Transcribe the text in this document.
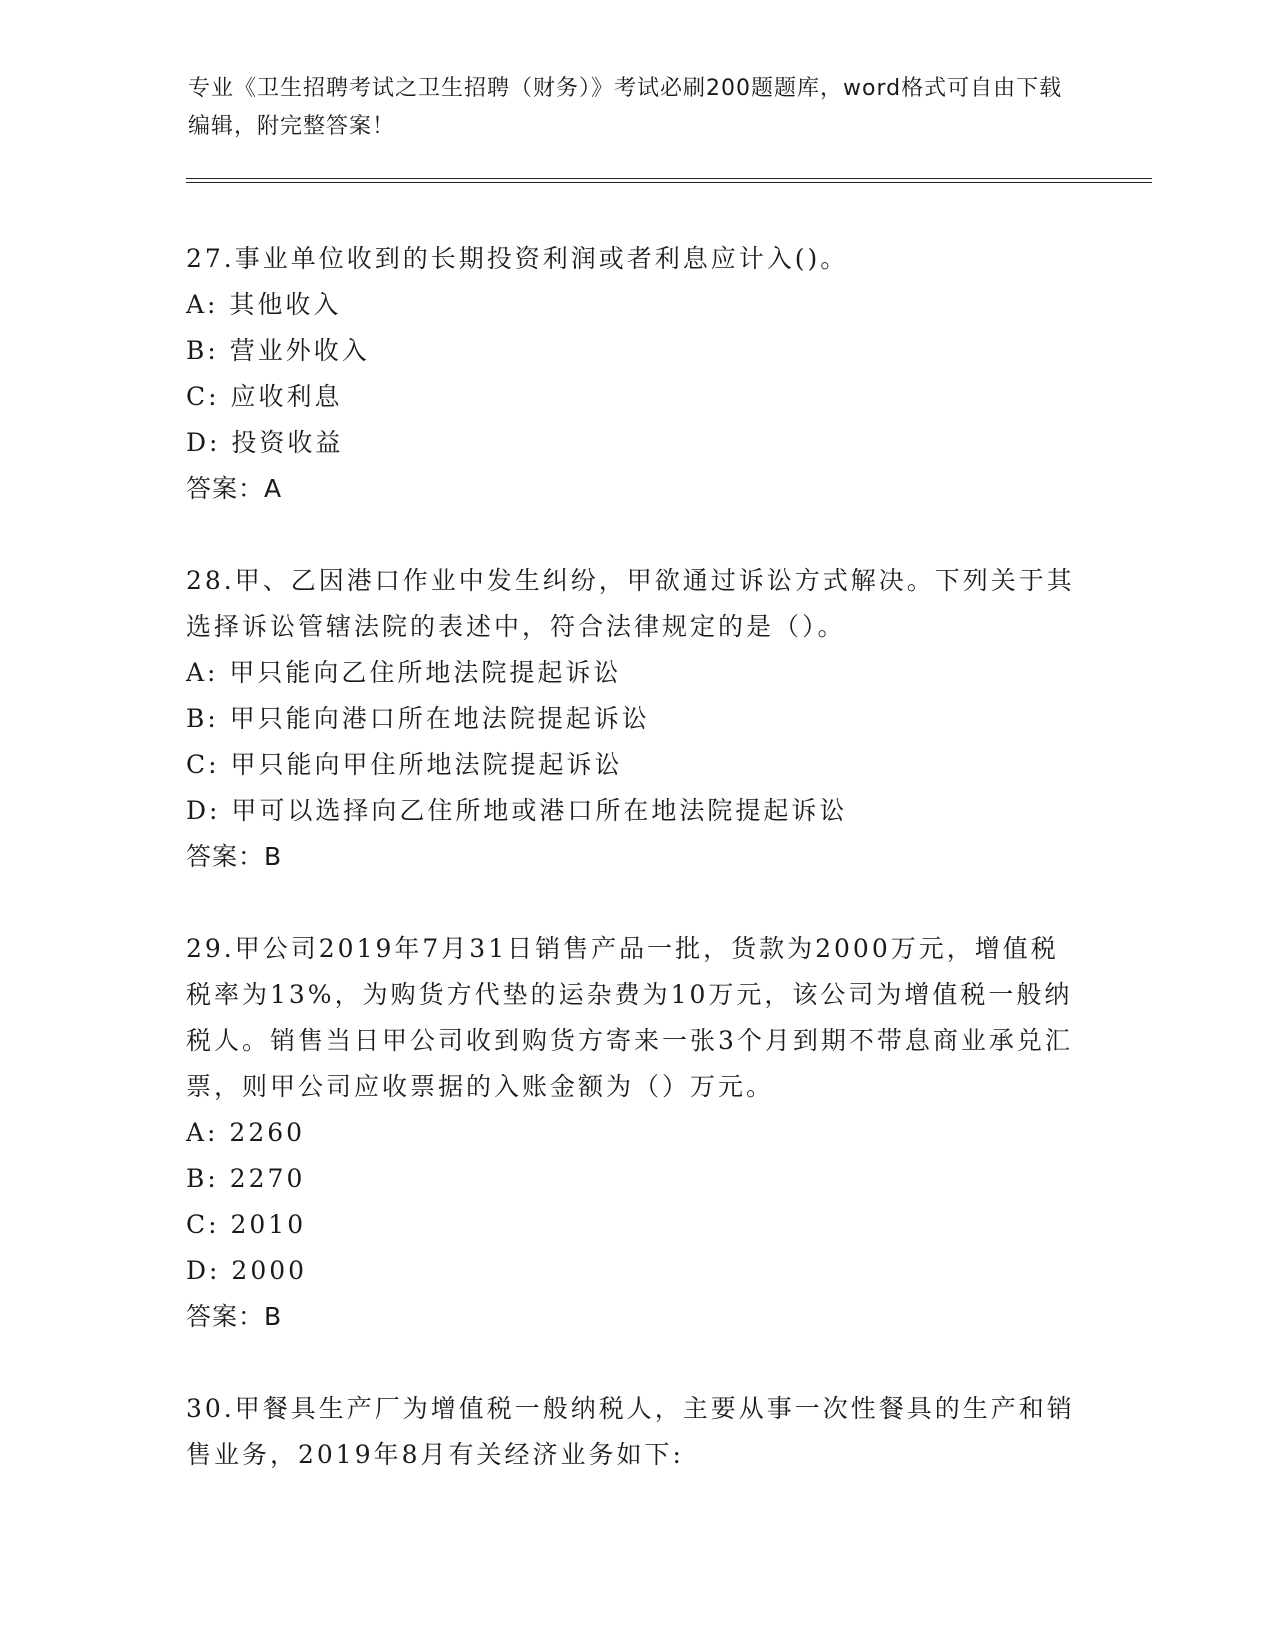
专业《卫生招聘考试之卫生招聘（财务）》考试必刷200题题库，word格式可自由下载编辑，附完整答案！

27.事业单位收到的长期投资利润或者利息应计入()。

A: 其他收入

B: 营业外收入

C: 应收利息

D: 投资收益

答案：A

28.甲、乙因港口作业中发生纠纷，甲欲通过诉讼方式解决。下列关于其选择诉讼管辖法院的表述中，符合法律规定的是（）。

A: 甲只能向乙住所地法院提起诉讼

B: 甲只能向港口所在地法院提起诉讼

C: 甲只能向甲住所地法院提起诉讼

D: 甲可以选择向乙住所地或港口所在地法院提起诉讼

答案：B

29.甲公司2019年7月31日销售产品一批，货款为2000万元，增值税税率为13%，为购货方代垫的运杂费为10万元，该公司为增值税一般纳税人。销售当日甲公司收到购货方寄来一张3个月到期不带息商业承兑汇票，则甲公司应收票据的入账金额为（）万元。

A: 2260

B: 2270

C: 2010

D: 2000

答案：B

30.甲餐具生产厂为增值税一般纳税人，主要从事一次性餐具的生产和销售业务，2019年8月有关经济业务如下:
